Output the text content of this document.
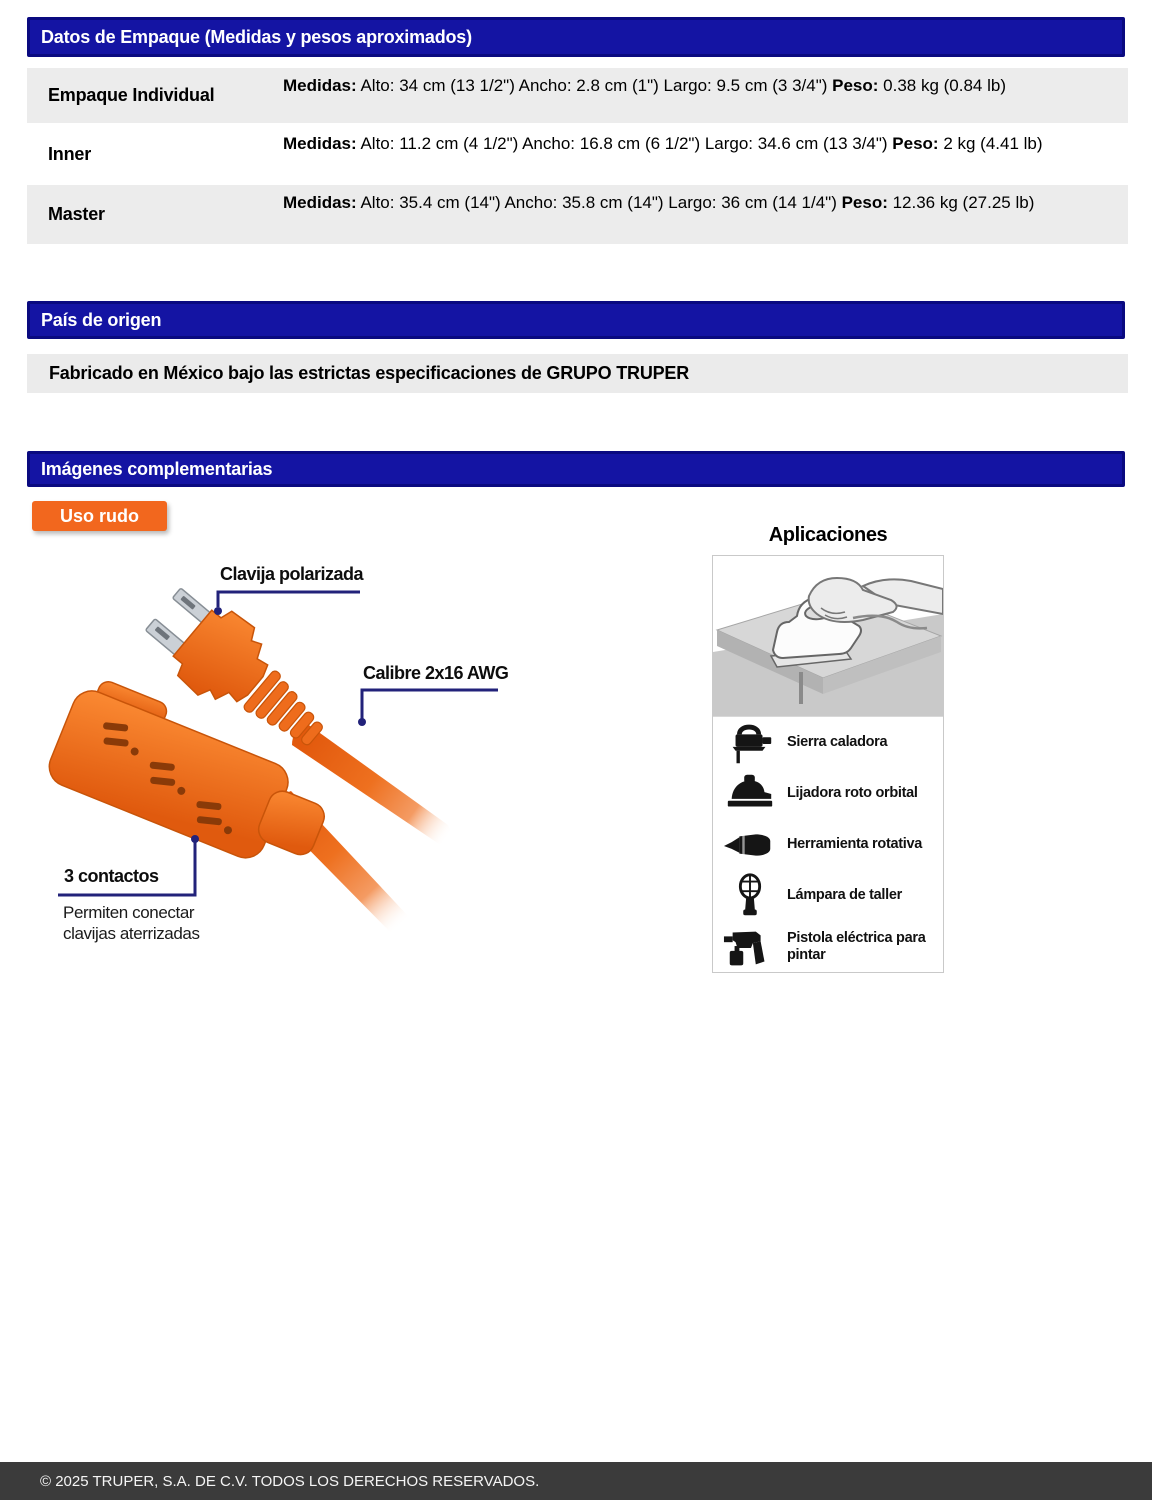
Datos de Empaque (Medidas y pesos aproximados)
Empaque Individual	Medidas: Alto: 34 cm (13 1/2") Ancho: 2.8 cm (1") Largo: 9.5 cm (3 3/4") Peso: 0.38 kg (0.84 lb)
Inner	Medidas: Alto: 11.2 cm (4 1/2") Ancho: 16.8 cm (6 1/2") Largo: 34.6 cm (13 3/4") Peso: 2 kg (4.41 lb)
Master
Medidas: Alto: 35.4 cm (14") Ancho: 35.8 cm (14") Largo: 36 cm (14 1/4") Peso: 12.36 kg (27.25 lb)
País de origen
Fabricado en México bajo las estrictas especificaciones de GRUPO TRUPER
Imágenes complementarias
Uso rudo
Clavija polarizada
Calibre 2x16 AWG
3 contactos
Permiten conectar clavijas aterrizadas
Aplicaciones
Sierra caladora
Lijadora roto orbital
Herramienta rotativa
Lámpara de taller
Pistola eléctrica para pintar
© 2025 TRUPER, S.A. DE C.V. TODOS LOS DERECHOS RESERVADOS.
